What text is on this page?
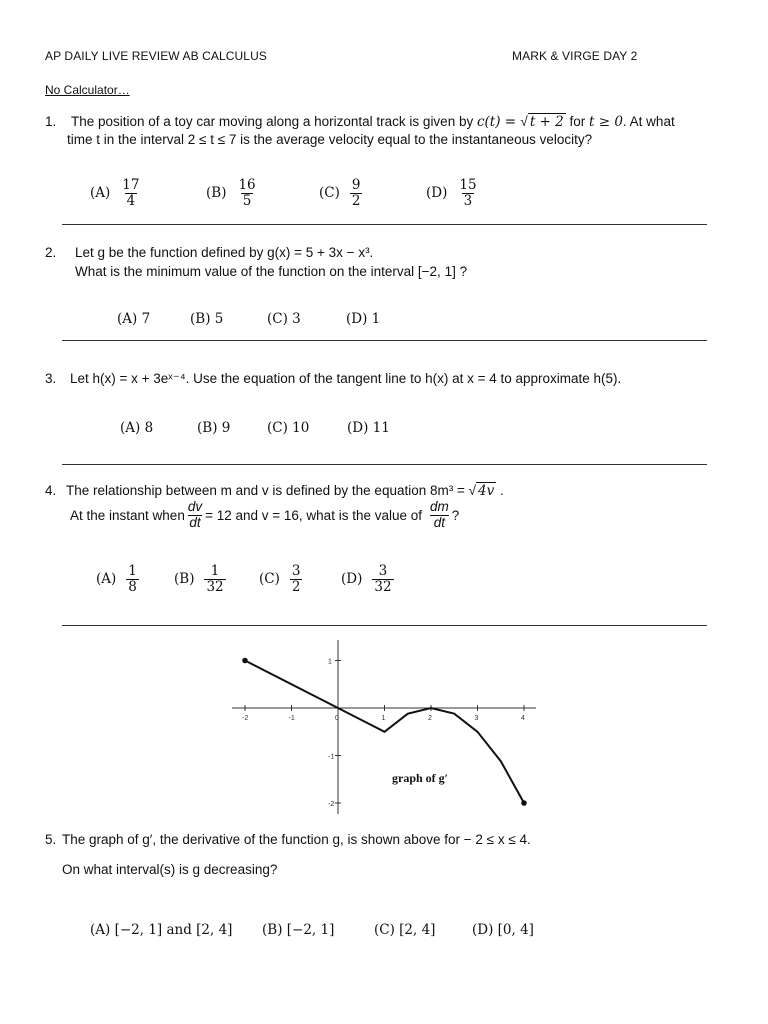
AP DAILY LIVE REVIEW AB CALCULUS	MARK & VIRGE DAY 2
No Calculator…
1. The position of a toy car moving along a horizontal track is given by c(t) = √ t + 2 for t ≥ 0. At what
time t in the interval 2 ≤ t ≤ 7 is the average velocity equal to the instantaneous velocity?
$(A) \frac{17}{4}$	$(B) \frac{16}{5}$	$(C) \frac{9}{2}$	$(D) \frac{15}{3}$
2. Let g be the function defined by g(x) = 5 + 3x − x³.
What is the minimum value of the function on the interval [−2, 1] ?
(A) 7	(B) 5	(C) 3	(D) 1
3. Let h(x) = x + 3eˣ⁻⁴. Use the equation of the tangent line to h(x) at x = 4 to approximate h(5).
(A) 8	(B) 9	(C) 10	(D) 11
4. The relationship between m and v is defined by the equation 8m³ = √ 4v .
At the instant when $\frac{dv}{dt} = 12$ and v = 16, what is the value of $\frac{dm}{dt}$ ?
$(A) \frac{1}{8}$	$(B) \frac{1}{32} (C) \frac{3}{2}$	$(D) \frac{3}{32}$
-2	-1	0	1	2	3	4
1
-1
-2
graph of g′
5. The graph of g′, the derivative of the function g, is shown above for − 2 ≤ x ≤ 4.
On what interval(s) is g decreasing?
(A) [−2, 1] and [2, 4] (B) [−2, 1]	(C) [2, 4]	(D) [0, 4]
